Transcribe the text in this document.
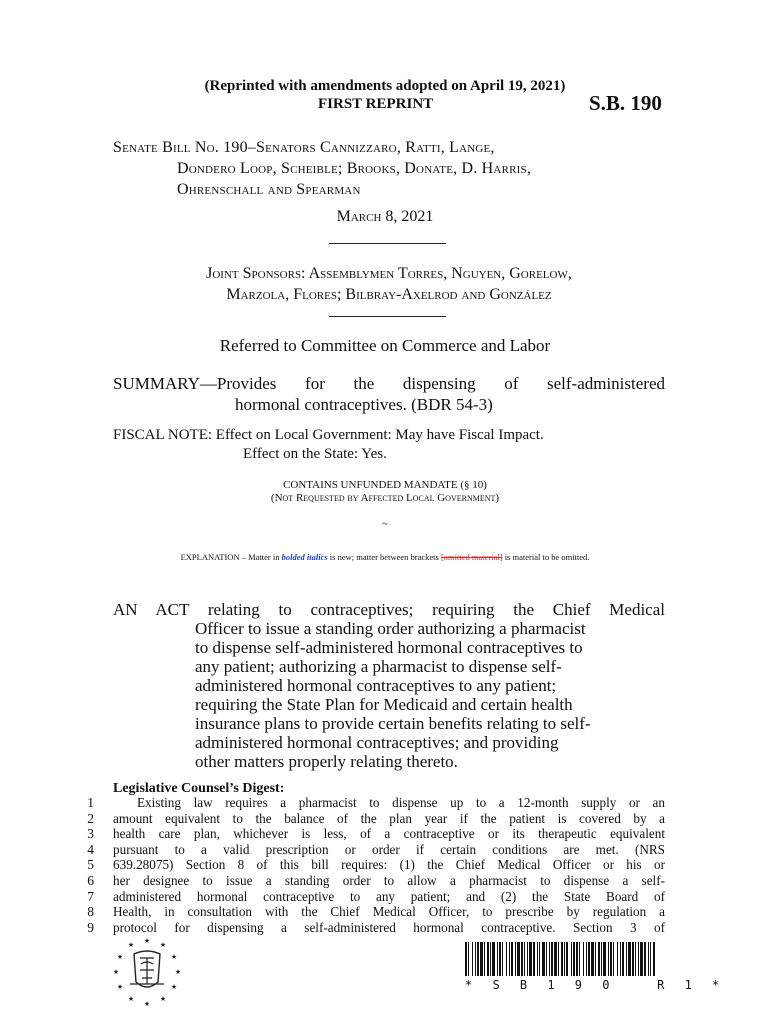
(Reprinted with amendments adopted on April 19, 2021)
FIRST REPRINT	S.B. 190
Senate Bill No. 190–Senators Cannizzaro, Ratti, Lange,
Dondero Loop, Scheible; Brooks, Donate, D. Harris,
Ohrenschall and Spearman
March 8, 2021
Joint Sponsors: Assemblymen Torres, Nguyen, Gorelow,
Marzola, Flores; Bilbray-Axelrod and González
Referred to Committee on Commerce and Labor
SUMMARY—Provides for the dispensing of self-administered
hormonal contraceptives. (BDR 54-3)
FISCAL NOTE: Effect on Local Government: May have Fiscal Impact.
Effect on the State: Yes.
CONTAINS UNFUNDED MANDATE (§ 10)
(Not Requested by Affected Local Government)
~
EXPLANATION – Matter in bolded italics is new; matter between brackets [omitted material] is material to be omitted.
AN ACT relating to contraceptives; requiring the Chief Medical
Officer to issue a standing order authorizing a pharmacist
to dispense self-administered hormonal contraceptives to
any patient; authorizing a pharmacist to dispense self-
administered hormonal contraceptives to any patient;
requiring the State Plan for Medicaid and certain health
insurance plans to provide certain benefits relating to self-
administered hormonal contraceptives; and providing
other matters properly relating thereto.
Legislative Counsel’s Digest:
1
2
3
4
5
6
7
8
9
Existing law requires a pharmacist to dispense up to a 12-month supply or an
amount equivalent to the balance of the plan year if the patient is covered by a
health care plan, whichever is less, of a contraceptive or its therapeutic equivalent
pursuant to a valid prescription or order if certain conditions are met. (NRS
639.28075) Section 8 of this bill requires: (1) the Chief Medical Officer or his or
her designee to issue a standing order to allow a pharmacist to dispense a self-
administered hormonal contraceptive to any patient; and (2) the State Board of
Health, in consultation with the Chief Medical Officer, to prescribe by regulation a
protocol for dispensing a self-administered hormonal contraceptive. Section 3 of
★ ★
★
★
★
★
★
★
★
★
★
★
* S B 1 9 0   R 1 *
